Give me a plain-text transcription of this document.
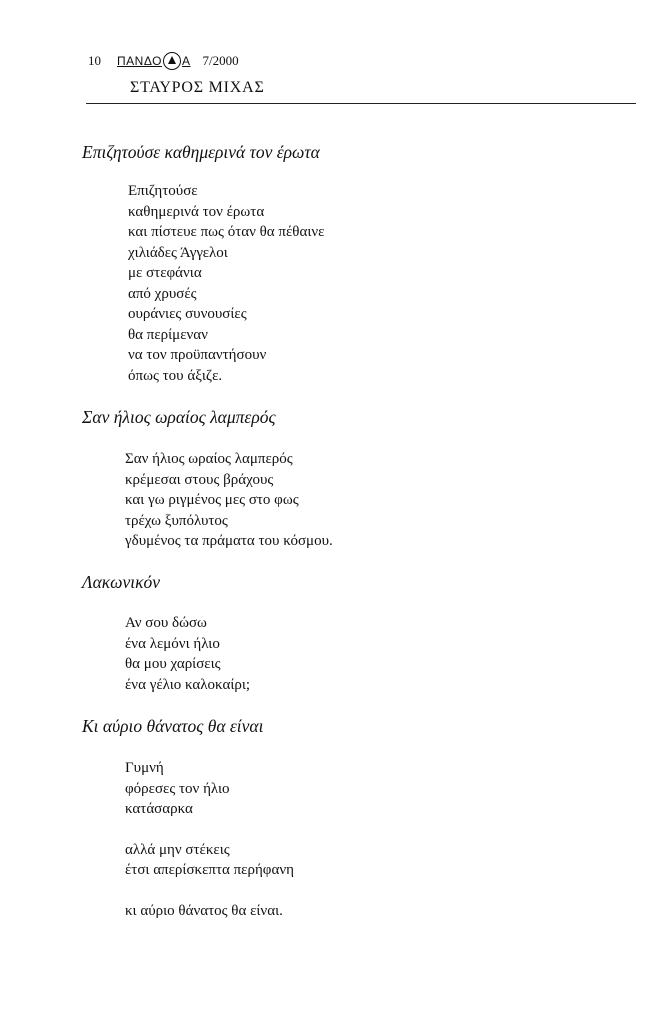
10 ΠΑΝΔΟ Α 7/2000
ΣΤΑΥΡΟΣ ΜΙΧΑΣ
Επιζητούσε καθημερινά τον έρωτα
Επιζητούσε
καθημερινά τον έρωτα
και πίστευε πως όταν θα πέθαινε
χιλιάδες Άγγελοι
με στεφάνια
από χρυσές
ουράνιες συνουσίες
θα περίμεναν
να τον προϋπαντήσουν
όπως του άξιζε.
Σαν ήλιος ωραίος λαμπερός
Σαν ήλιος ωραίος λαμπερός
κρέμεσαι στους βράχους
και γω ριγμένος μες στο φως
τρέχω ξυπόλυτος
γδυμένος τα πράματα του κόσμου.
Λακωνικόν
Αν σου δώσω
ένα λεμόνι ήλιο
θα μου χαρίσεις
ένα γέλιο καλοκαίρι;
Κι αύριο θάνατος θα είναι
Γυμνή
φόρεσες τον ήλιο
κατάσαρκα
αλλά μην στέκεις
έτσι απερίσκεπτα περήφανη
κι αύριο θάνατος θα είναι.
